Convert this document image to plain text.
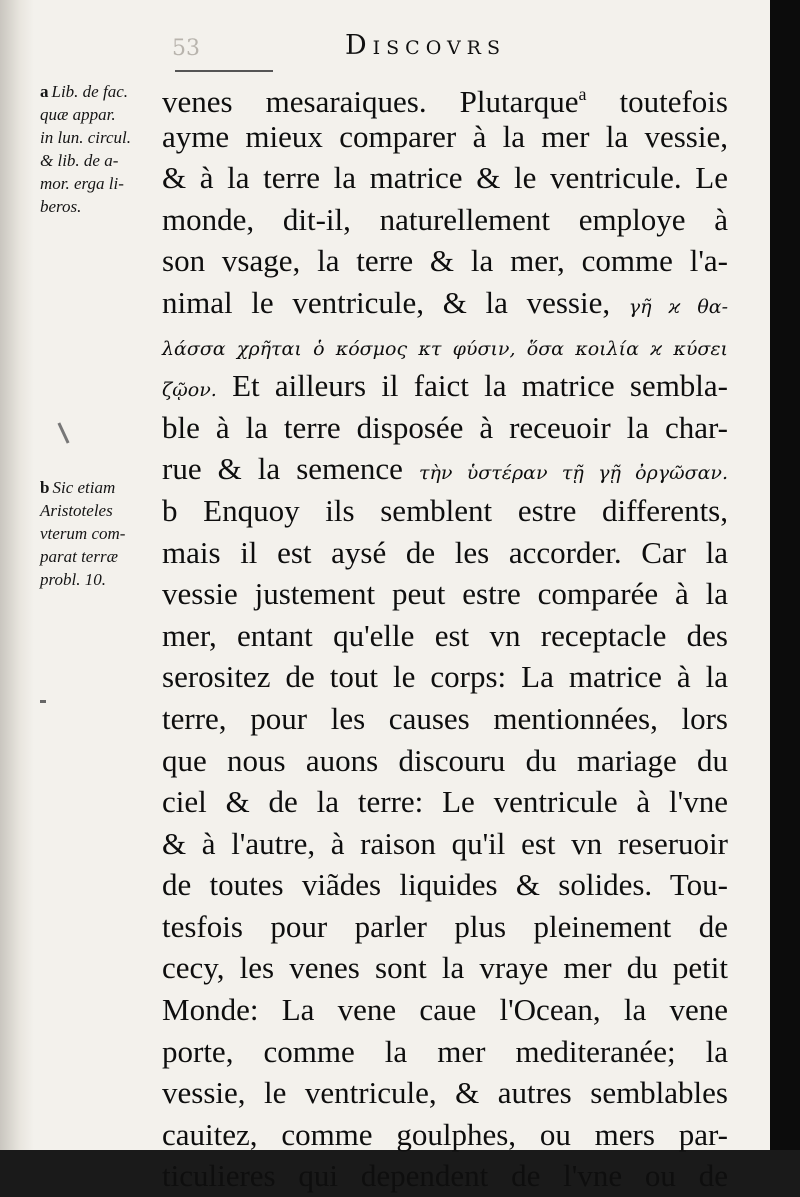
53	Discovrs
a Lib. de fac.
quæ appar.
in lun. circul.
& lib. de a-
mor. erga li-
beros.
b Sic etiam
Aristoteles
vterum com-
parat terræ
probl. 10.
venes mesaraiques. Plutarque$^a$ toutefois
ayme mieux comparer à la mer la vessie,
& à la terre la matrice & le ventricule. Le
monde, dit-il, naturellement employe à
son vsage, la terre & la mer, comme l'a-
nimal le ventricule, & la vessie, γῆ ϰ θα-
λάσσα χρῆται ὁ κόσμος κτ φύσιν, ὅσα κοιλία ϰ κύσει
ζῷον. Et ailleurs il faict la matrice sembla-
ble à la terre disposée à receuoir la char-
rue & la semence τὴν ὑστέραν τῇ γῇ ὀργῶσαν.
b Enquoy ils semblent estre differents,
mais il est aysé de les accorder. Car la
vessie justement peut estre comparée à la
mer, entant qu'elle est vn receptacle des
serositez de tout le corps: La matrice à la
terre, pour les causes mentionnées, lors
que nous auons discouru du mariage du
ciel & de la terre: Le ventricule à l'vne
& à l'autre, à raison qu'il est vn reseruoir
de toutes viãdes liquides & solides. Tou-
tesfois pour parler plus pleinement de
cecy, les venes sont la vraye mer du petit
Monde: La vene caue l'Ocean, la vene
porte, comme la mer mediteranée; la
vessie, le ventricule, & autres semblables
cauitez, comme goulphes, ou mers par-
ticulieres qui dependent de l'vne ou de
